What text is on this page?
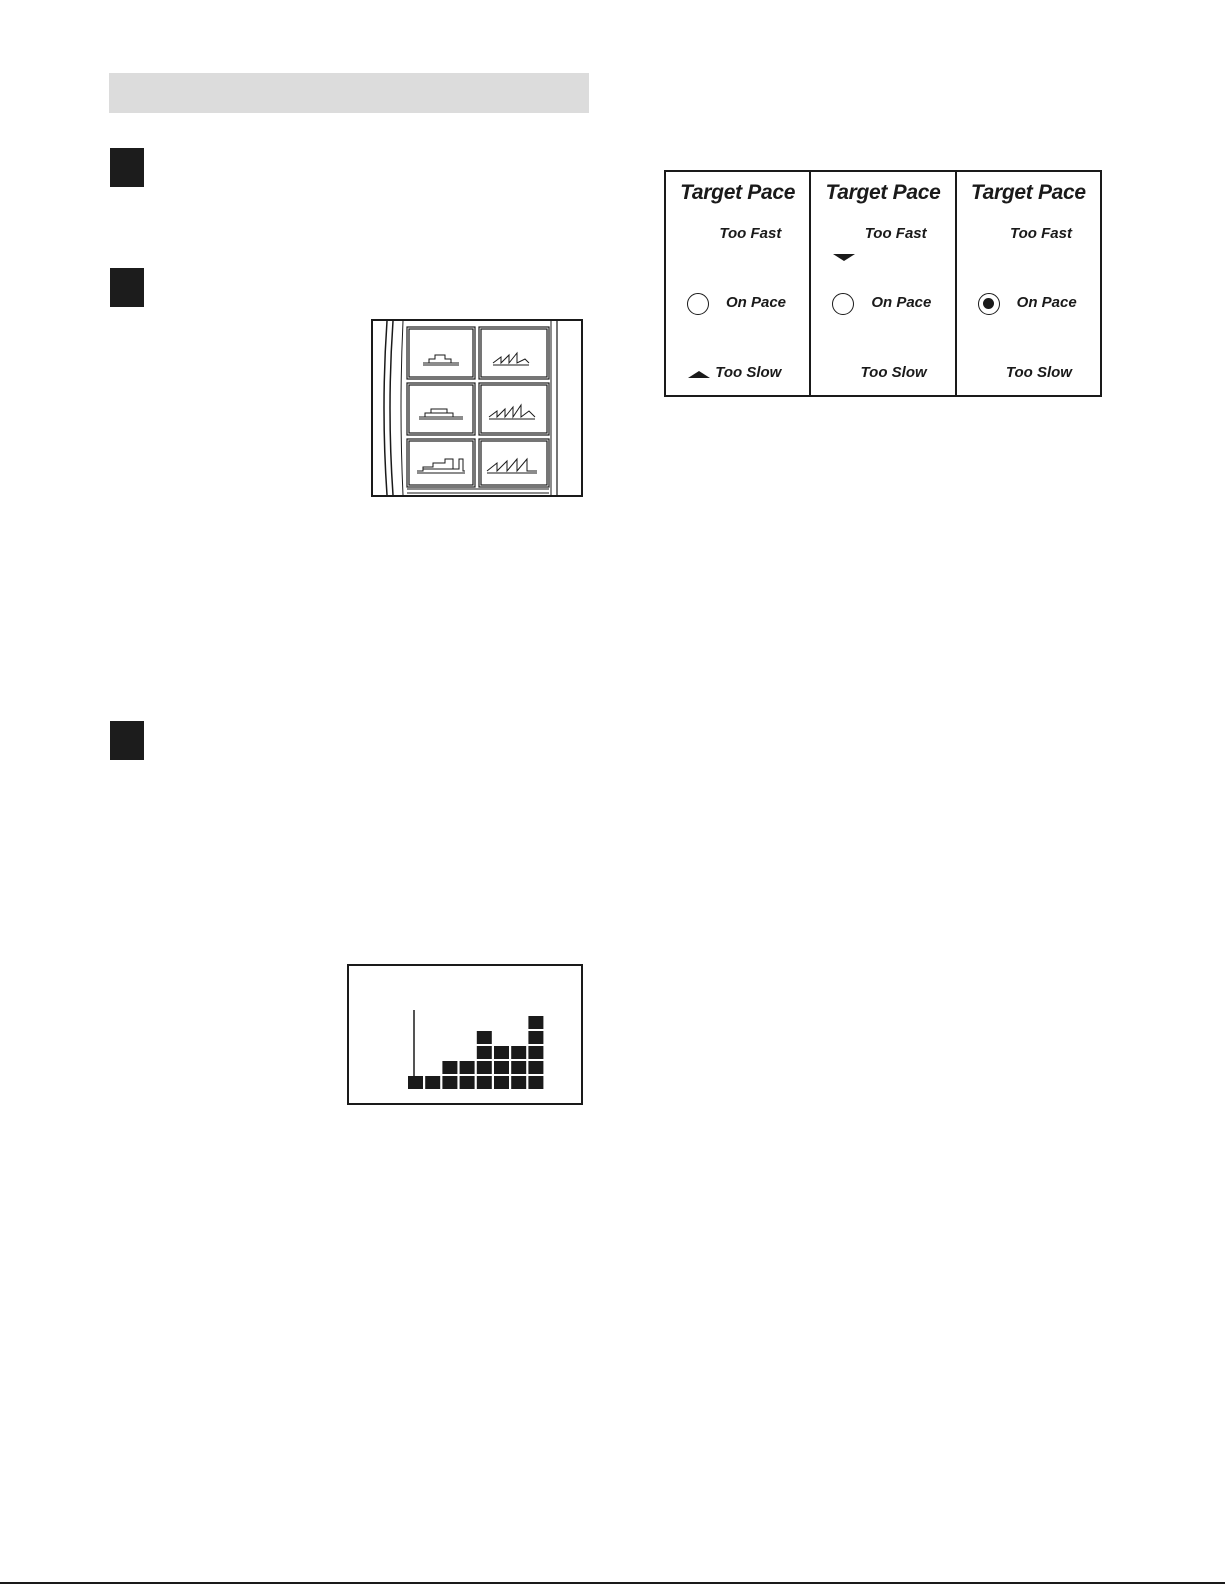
Target Pace
Too Fast
On Pace
Too Slow
Target Pace
Too Fast
On Pace
Too Slow
Target Pace
Too Fast
On Pace
Too Slow
